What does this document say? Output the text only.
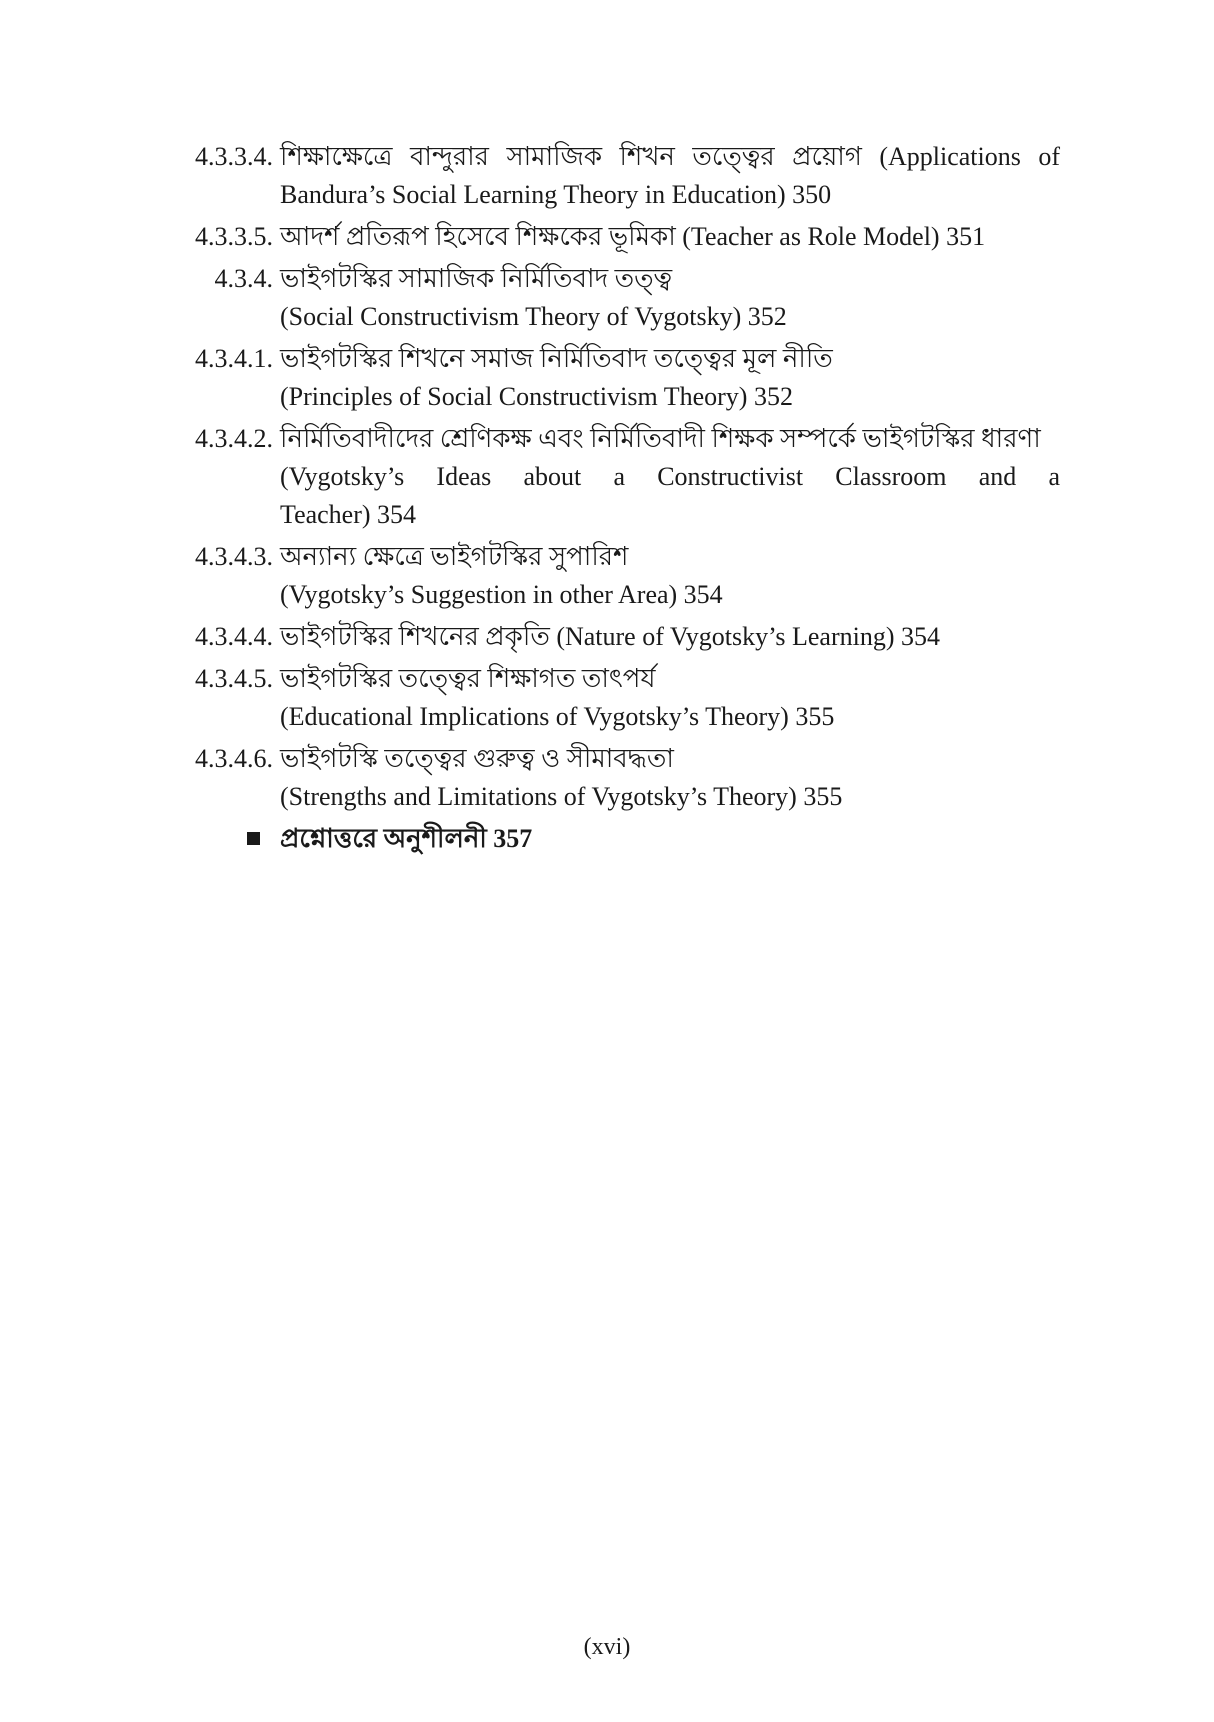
4.3.3.4. শিক্ষাক্ষেত্রে বান্দুরার সামাজিক শিখন তত্ত্বের প্রয়োগ (Applications of
Bandura’s Social Learning Theory in Education) 350
4.3.3.5. আদর্শ প্রতিরূপ হিসেবে শিক্ষকের ভূমিকা (Teacher as Role Model) 351
4.3.4. ভাইগটস্কির সামাজিক নির্মিতিবাদ তত্ত্ব
(Social Constructivism Theory of Vygotsky) 352
4.3.4.1. ভাইগটস্কির শিখনে সমাজ নির্মিতিবাদ তত্ত্বের মূল নীতি
(Principles of Social Constructivism Theory) 352
4.3.4.2. নির্মিতিবাদীদের শ্রেণিকক্ষ এবং নির্মিতিবাদী শিক্ষক সম্পর্কে ভাইগটস্কির ধারণা
(Vygotsky’s Ideas about a Constructivist Classroom and a
Teacher) 354
4.3.4.3. অন্যান্য ক্ষেত্রে ভাইগটস্কির সুপারিশ
(Vygotsky’s Suggestion in other Area) 354
4.3.4.4. ভাইগটস্কির শিখনের প্রকৃতি (Nature of Vygotsky’s Learning) 354
4.3.4.5. ভাইগটস্কির তত্ত্বের শিক্ষাগত তাৎপর্য
(Educational Implications of Vygotsky’s Theory) 355
4.3.4.6. ভাইগটস্কি তত্ত্বের গুরুত্ব ও সীমাবদ্ধতা
(Strengths and Limitations of Vygotsky’s Theory) 355
প্রশ্নোত্তরে অনুশীলনী 357
(xvi)
